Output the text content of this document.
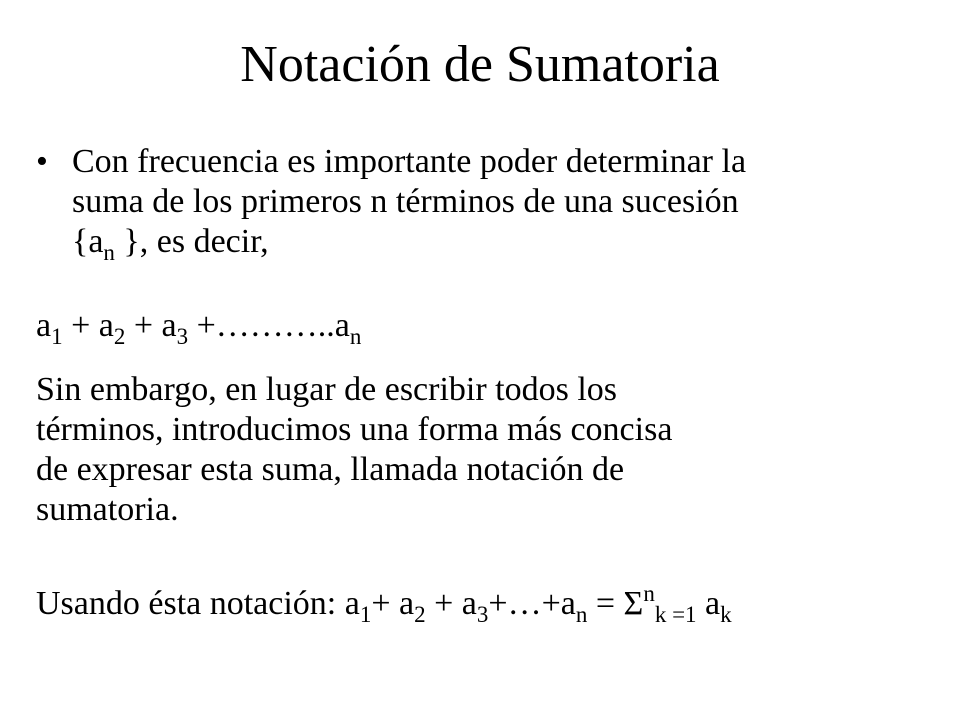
Notación de Sumatoria
• Con frecuencia es importante poder determinar la
suma de los primeros n términos de una sucesión
{$a_n$ }, es decir,
$a_1 + a_2 + a_3$ $+\dots\dots\dots..a_n$
Sin embargo, en lugar de escribir todos los
términos, introducimos una forma más concisa
de expresar esta suma, llamada notación de
sumatoria.
Usando ésta notación: $a_1+ a_2$ + $a_3+\dots+a_n = \Sigma^n_{k =1}$ $a_k$
